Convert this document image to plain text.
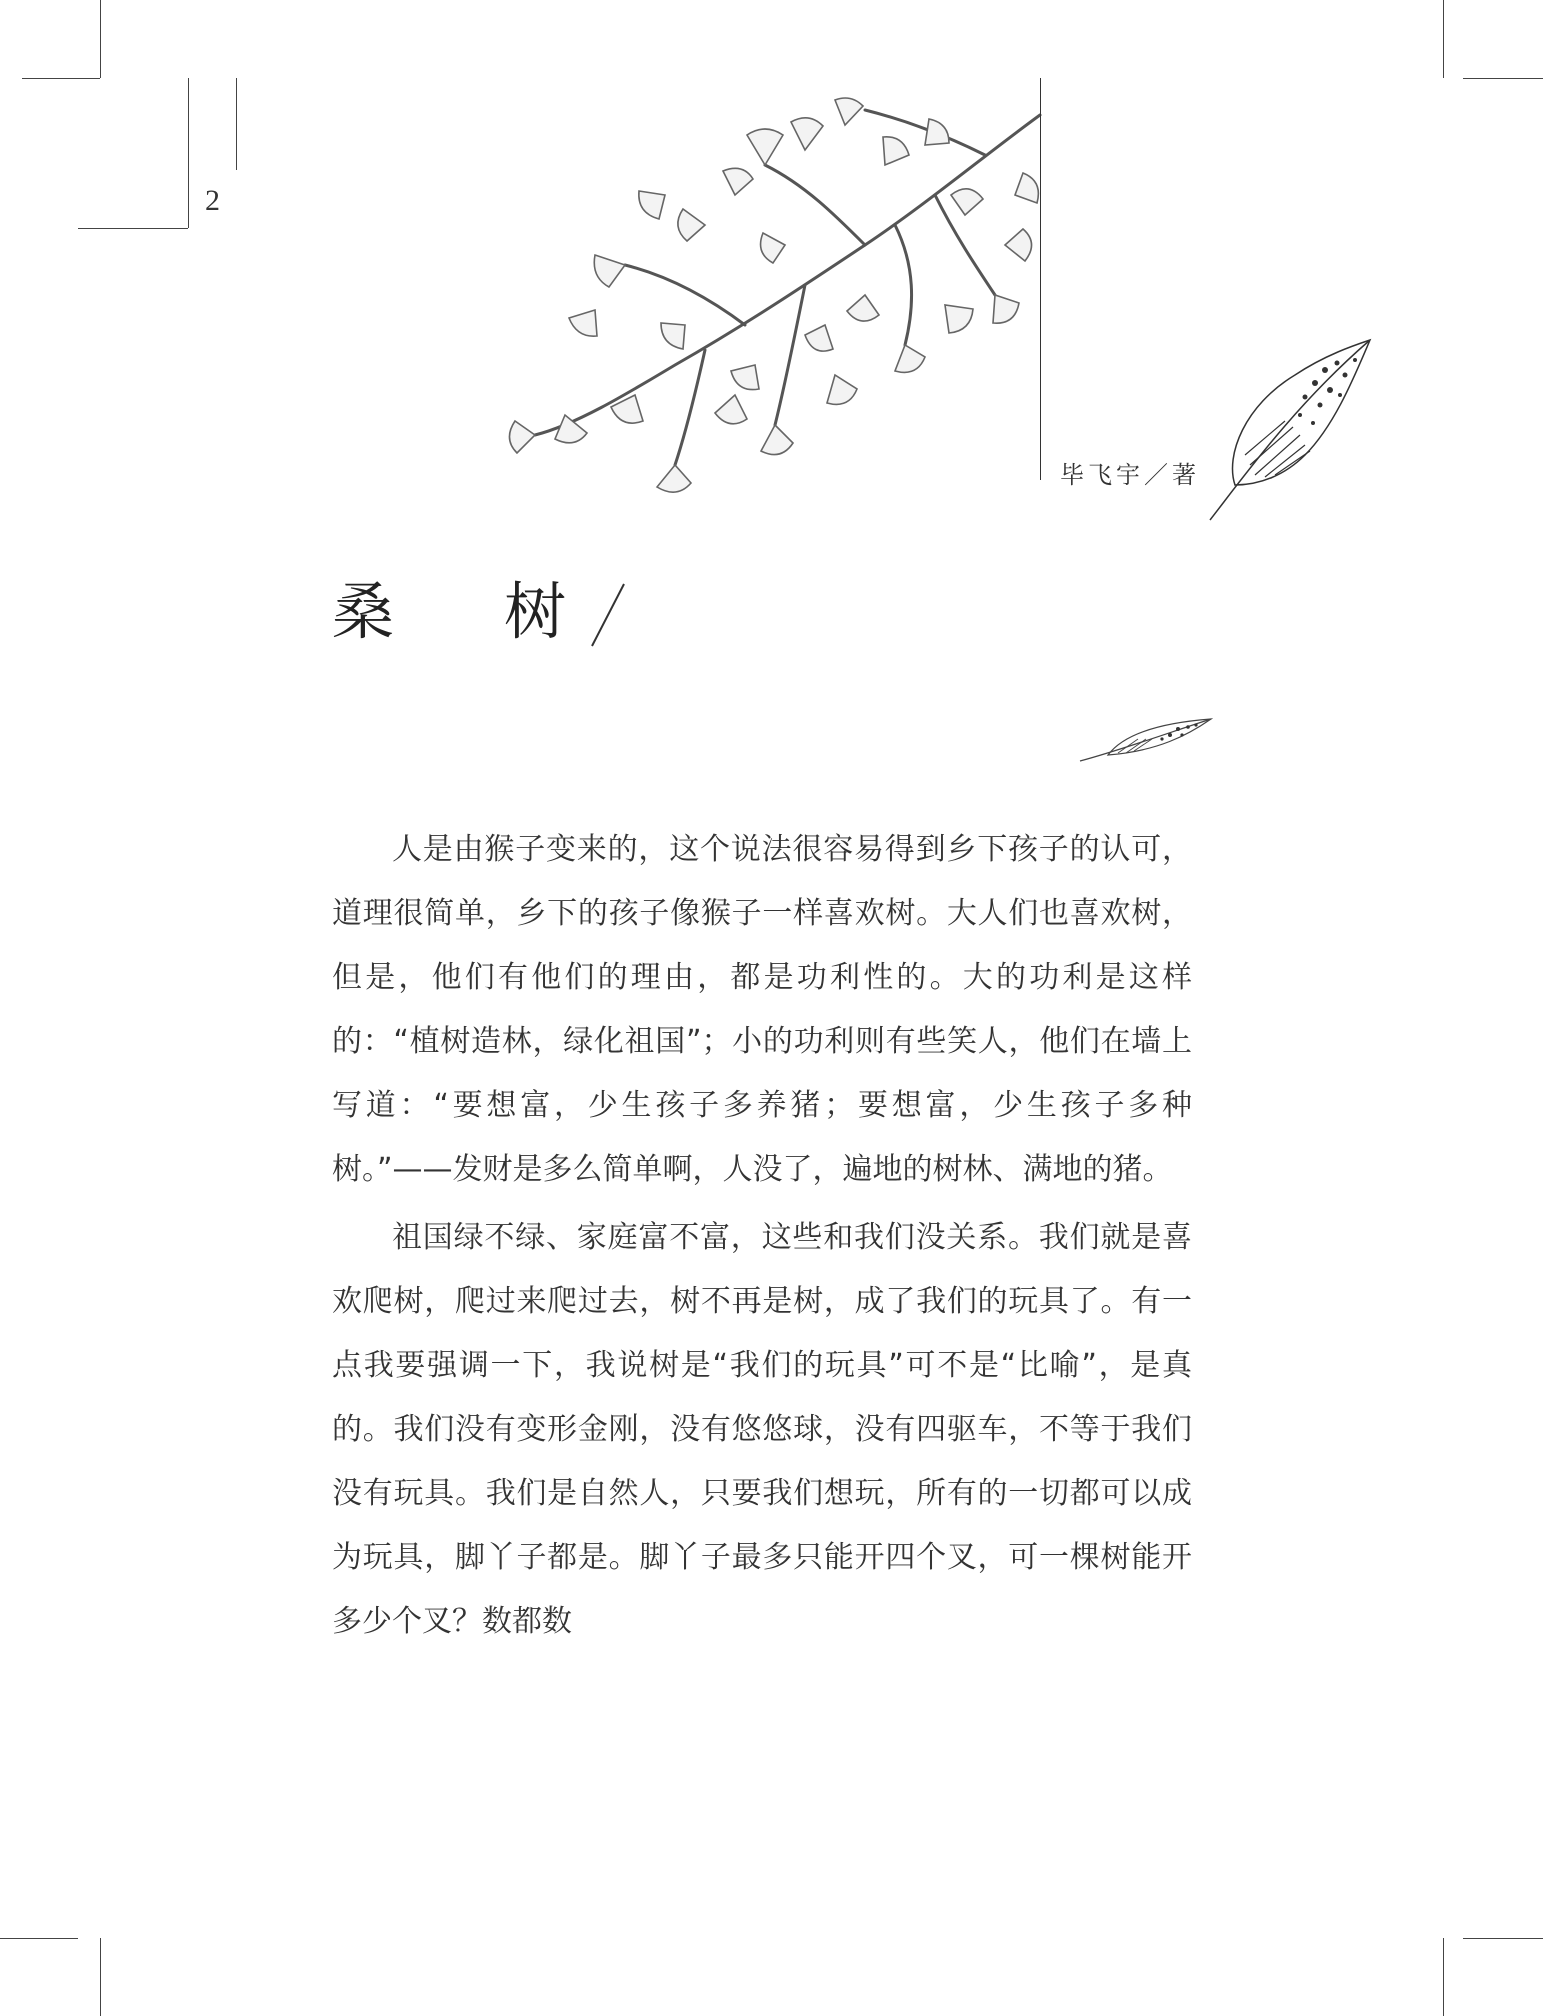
2
毕飞宇／著
桑 树

人是由猴子变来的，这个说法很容易得到乡下孩子的认可，道理很简单，乡下的孩子像猴子一样喜欢树。大人们也喜欢树，但是，他们有他们的理由，都是功利性的。大的功利是这样的：“植树造林，绿化祖国”；小的功利则有些笑人，他们在墙上写道：“要想富，少生孩子多养猪；要想富，少生孩子多种树。”——发财是多么简单啊，人没了，遍地的树林、满地的猪。

祖国绿不绿、家庭富不富，这些和我们没关系。我们就是喜欢爬树，爬过来爬过去，树不再是树，成了我们的玩具了。有一点我要强调一下，我说树是“我们的玩具”可不是“比喻”，是真的。我们没有变形金刚，没有悠悠球，没有四驱车，不等于我们没有玩具。我们是自然人，只要我们想玩，所有的一切都可以成为玩具，脚丫子都是。脚丫子最多只能开四个叉，可一棵树能开多少个叉？数都数
